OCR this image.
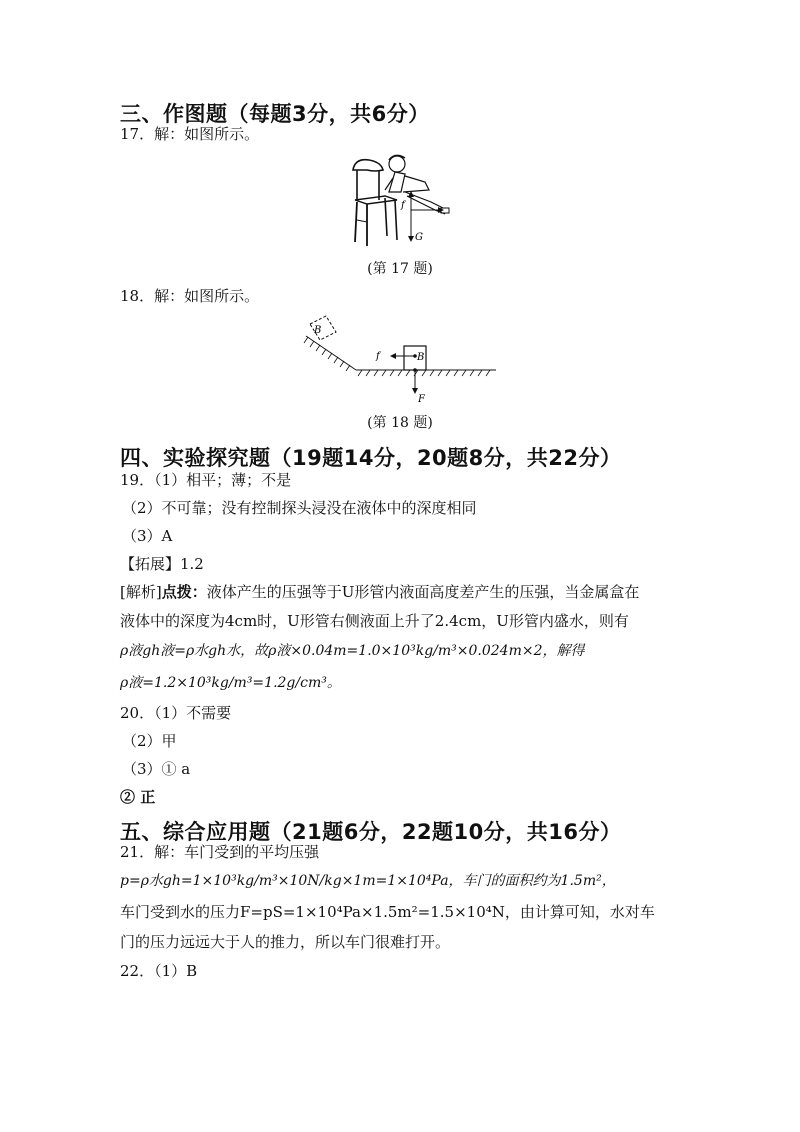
三、作图题（每题3分，共6分）
17．解：如图所示。
f
G
(第 17 题)
18．解：如图所示。
B
B
f
F
(第 18 题)
四、实验探究题（19题14分，20题8分，共22分）
19．（1）相平；薄；不是
（2）不可靠；没有控制探头浸没在液体中的深度相同
（3）A
【拓展】1.2
[解析]点拨：液体产生的压强等于U形管内液面高度差产生的压强，当金属盒在
液体中的深度为4cm时，U形管右侧液面上升了2.4cm，U形管内盛水，则有
ρ液gh液=ρ水gh水，故ρ液×0.04m=1.0×10³kg/m³×0.024m×2，解得
ρ液=1.2×10³kg/m³=1.2g/cm³。
20．（1）不需要
（2）甲
（3）① a
② 正
五、综合应用题（21题6分，22题10分，共16分）
21．解：车门受到的平均压强
p=ρ水gh=1×10³kg/m³×10N/kg×1m=1×10⁴Pa，车门的面积约为1.5m²，
车门受到水的压力F=pS=1×10⁴Pa×1.5m²=1.5×10⁴N，由计算可知，水对车
门的压力远远大于人的推力，所以车门很难打开。
22．（1）B
